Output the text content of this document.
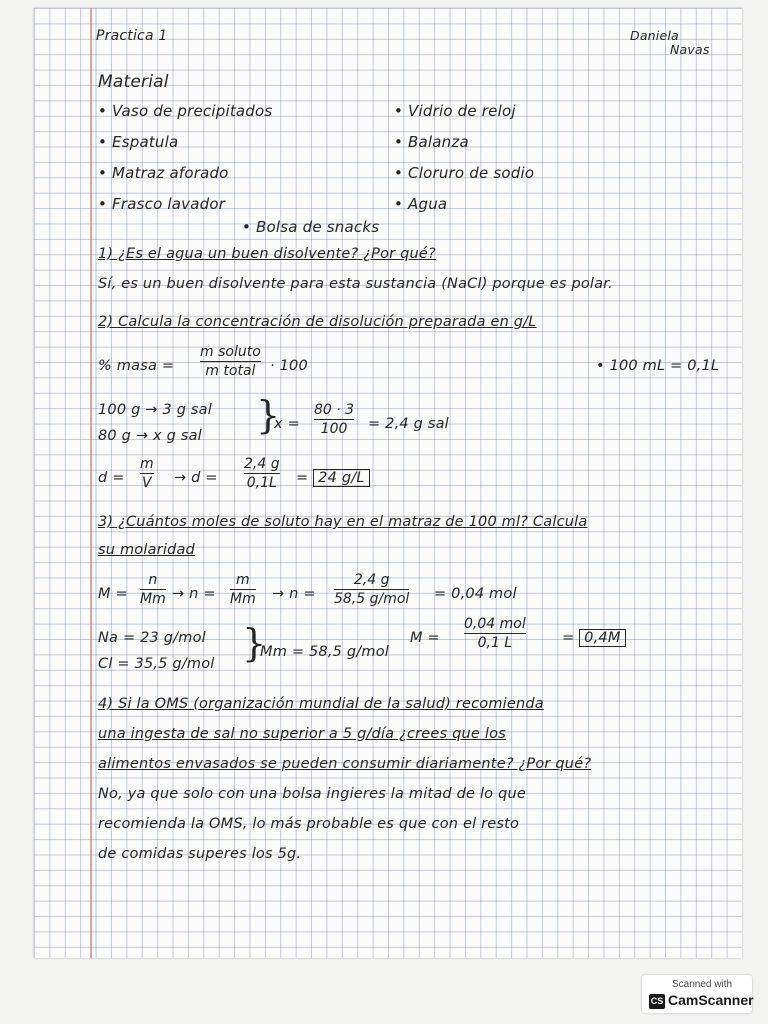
Practica 1	Daniela
Navas
Material
• Vaso de precipitados
• Espatula
• Matraz aforado
• Frasco lavador
• Vidrio de reloj
• Balanza
• Cloruro de sodio
• Agua
• Bolsa de snacks
1) ¿Es el agua un buen disolvente? ¿Por qué?
Sí, es un buen disolvente para esta sustancia (NaCl) porque es polar.
2) Calcula la concentración de disolución preparada en g/L
% masa =
m soluto
m total · 100	• 100 mL = 0,1L
100 g → 3 g sal
80 g → x g sal }
x =
80 · 3
100 = 2,4 g sal
d =
m
V → d =
2,4 g
0,1L = 24 g/L
3) ¿Cuántos moles de soluto hay en el matraz de 100 ml? Calcula
su molaridad
M =
n
Mm → n =
m
Mm → n =
2,4 g
58,5 g/mol = 0,04 mol
Na = 23 g/mol
Cl = 35,5 g/mol }
Mm = 58,5 g/mol
M =
0,04 mol
0,1 L	= 0,4M
4) Si la OMS (organización mundial de la salud) recomienda
una ingesta de sal no superior a 5 g/día ¿crees que los
alimentos envasados se pueden consumir diariamente? ¿Por qué?
No, ya que solo con una bolsa ingieres la mitad de lo que
recomienda la OMS, lo más probable es que con el resto
de comidas superes los 5g.
Scanned with
CS CamScanner
